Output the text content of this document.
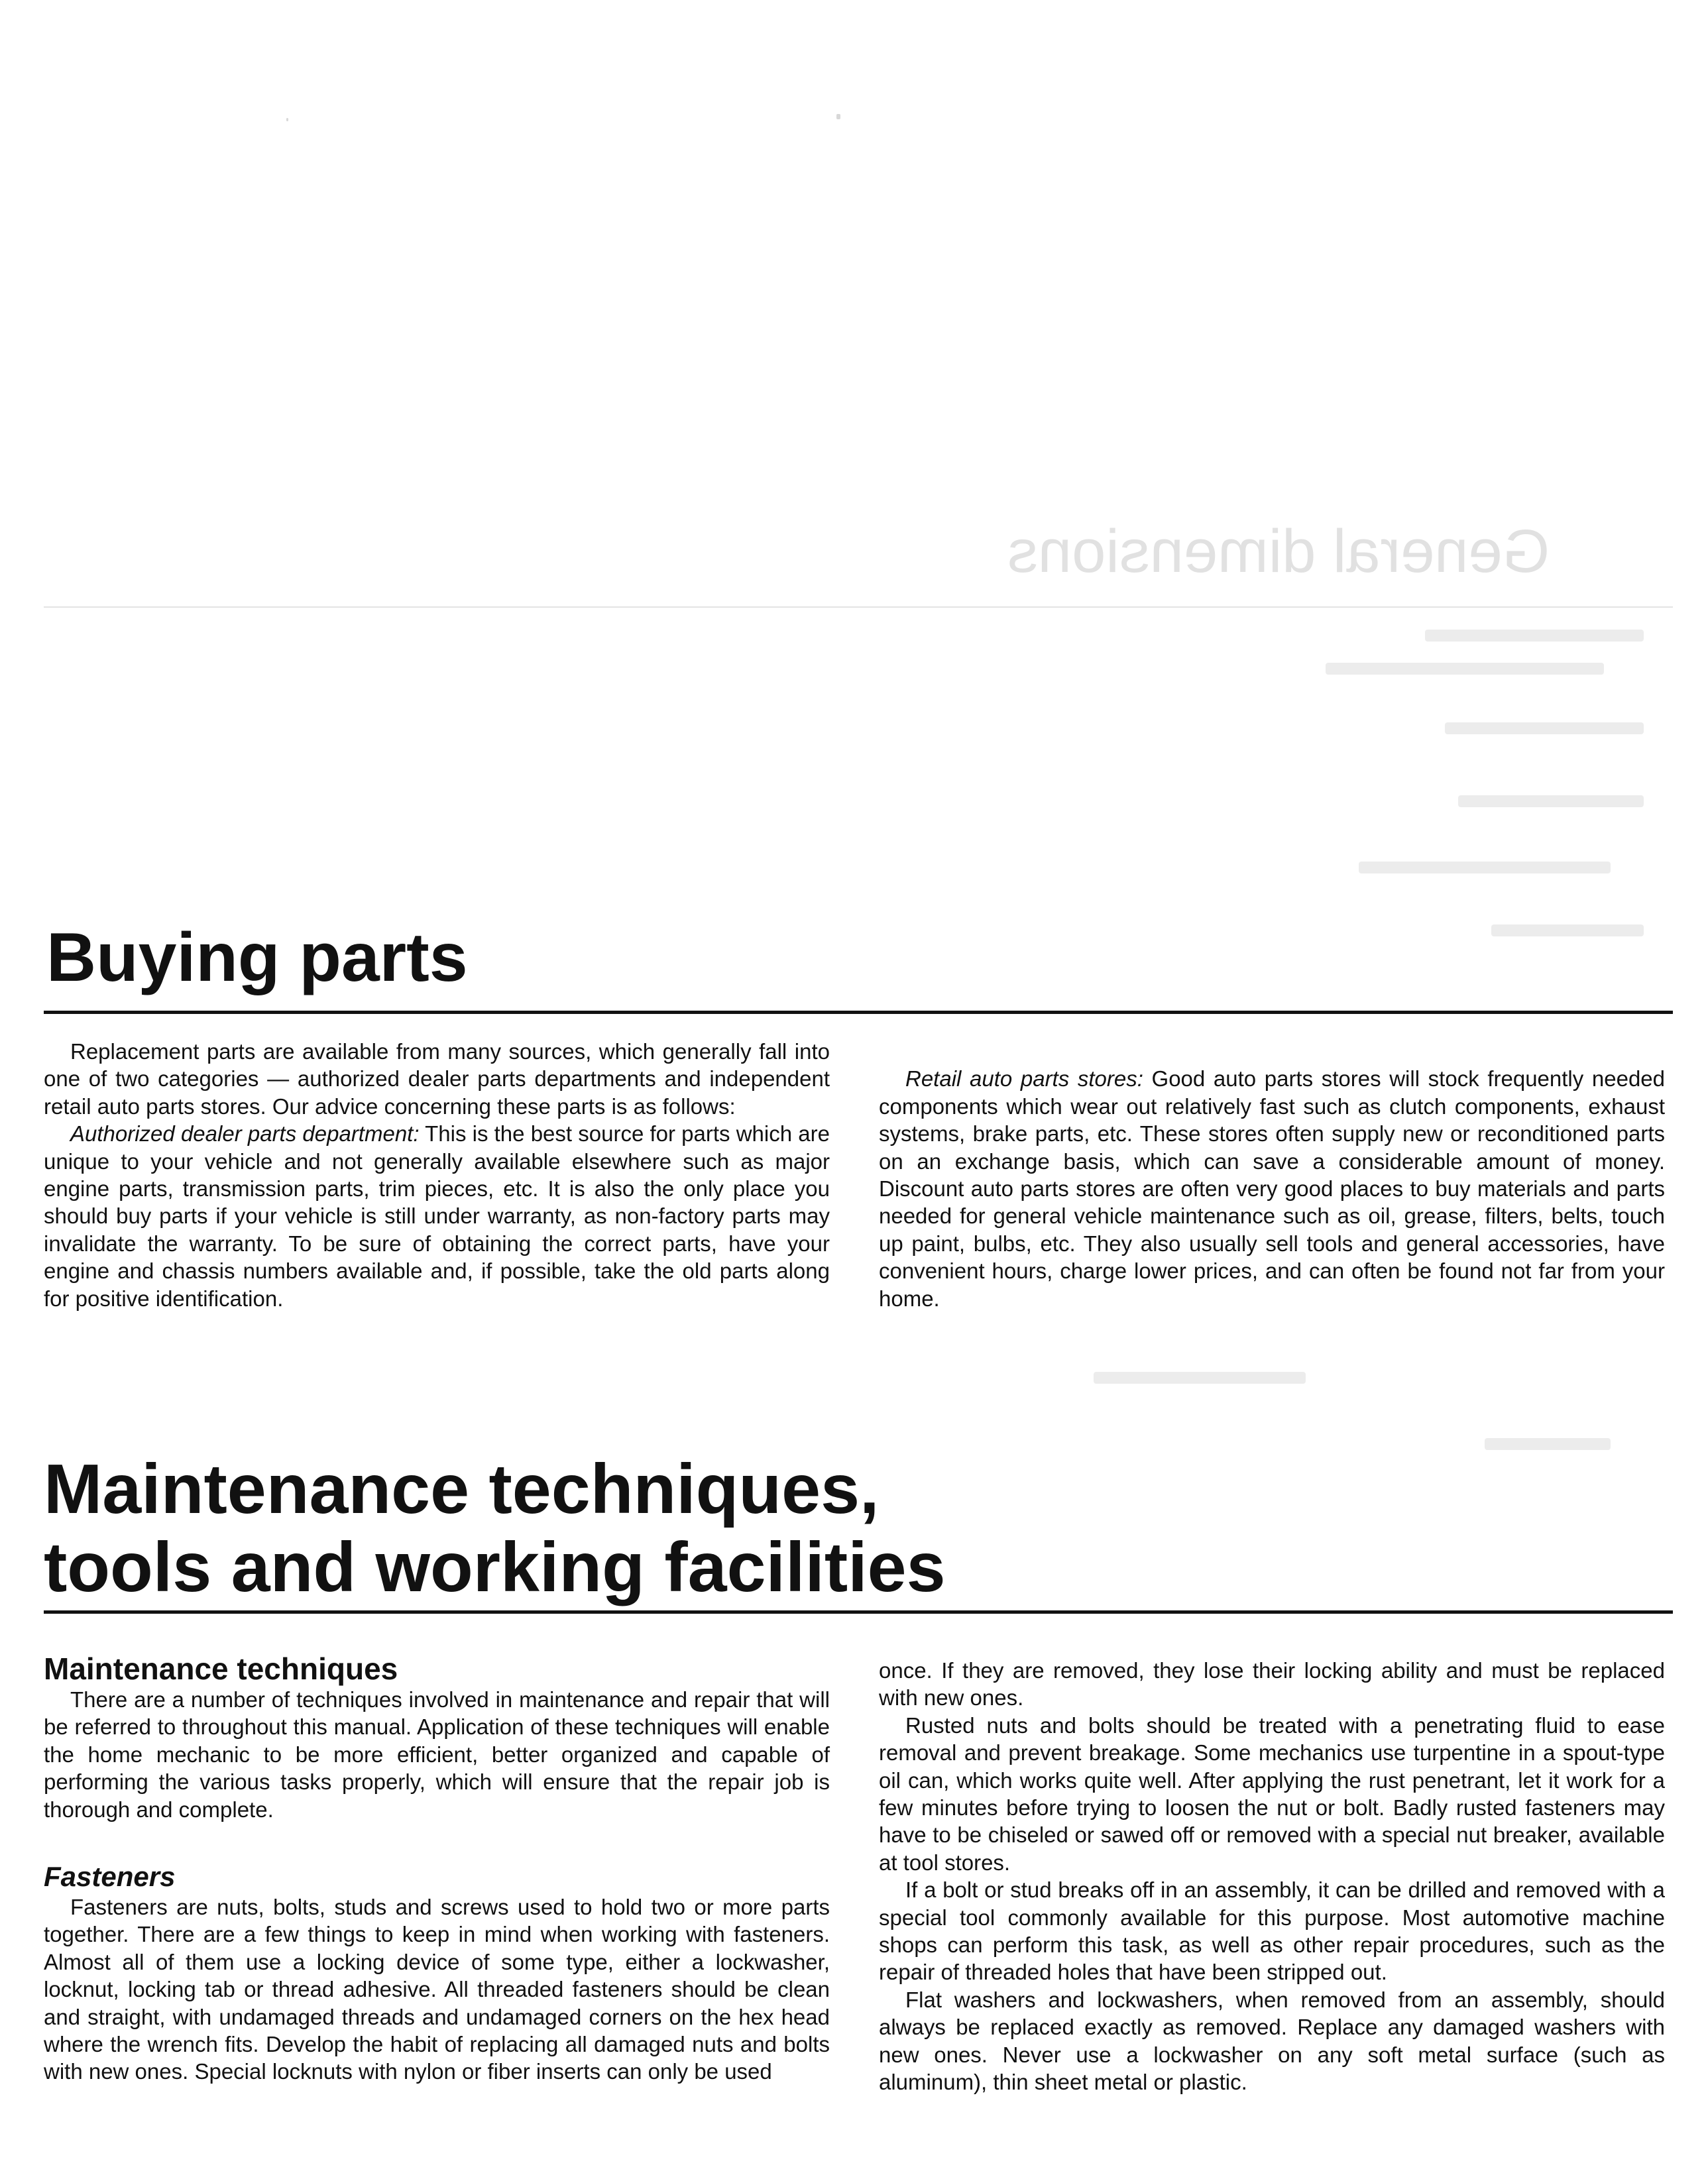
General dimensions
Buying parts

Replacement parts are available from many sources, which generally fall into one of two categories — authorized dealer parts departments and independent retail auto parts stores. Our advice concerning these parts is as follows:

Authorized dealer parts department: This is the best source for parts which are unique to your vehicle and not generally available elsewhere such as major engine parts, transmission parts, trim pieces, etc. It is also the only place you should buy parts if your vehicle is still under warranty, as non-factory parts may invalidate the warranty. To be sure of obtaining the correct parts, have your engine and chassis numbers available and, if possible, take the old parts along for positive identification.

Retail auto parts stores: Good auto parts stores will stock frequently needed components which wear out relatively fast such as clutch components, exhaust systems, brake parts, etc. These stores often supply new or reconditioned parts on an exchange basis, which can save a considerable amount of money. Discount auto parts stores are often very good places to buy materials and parts needed for general vehicle maintenance such as oil, grease, filters, belts, touch up paint, bulbs, etc. They also usually sell tools and general accessories, have convenient hours, charge lower prices, and can often be found not far from your home.

Maintenance techniques,
tools and working facilities
Maintenance techniques

There are a number of techniques involved in maintenance and repair that will be referred to throughout this manual. Application of these techniques will enable the home mechanic to be more efficient, better organized and capable of performing the various tasks properly, which will ensure that the repair job is thorough and complete.

Fasteners

Fasteners are nuts, bolts, studs and screws used to hold two or more parts together. There are a few things to keep in mind when working with fasteners. Almost all of them use a locking device of some type, either a lockwasher, locknut, locking tab or thread adhesive. All threaded fasteners should be clean and straight, with undamaged threads and undamaged corners on the hex head where the wrench fits. Develop the habit of replacing all damaged nuts and bolts with new ones. Special locknuts with nylon or fiber inserts can only be used

once. If they are removed, they lose their locking ability and must be replaced with new ones.

Rusted nuts and bolts should be treated with a penetrating fluid to ease removal and prevent breakage. Some mechanics use turpentine in a spout-type oil can, which works quite well. After applying the rust penetrant, let it work for a few minutes before trying to loosen the nut or bolt. Badly rusted fasteners may have to be chiseled or sawed off or removed with a special nut breaker, available at tool stores.

If a bolt or stud breaks off in an assembly, it can be drilled and removed with a special tool commonly available for this purpose. Most automotive machine shops can perform this task, as well as other repair procedures, such as the repair of threaded holes that have been stripped out.

Flat washers and lockwashers, when removed from an assembly, should always be replaced exactly as removed. Replace any damaged washers with new ones. Never use a lockwasher on any soft metal surface (such as aluminum), thin sheet metal or plastic.
